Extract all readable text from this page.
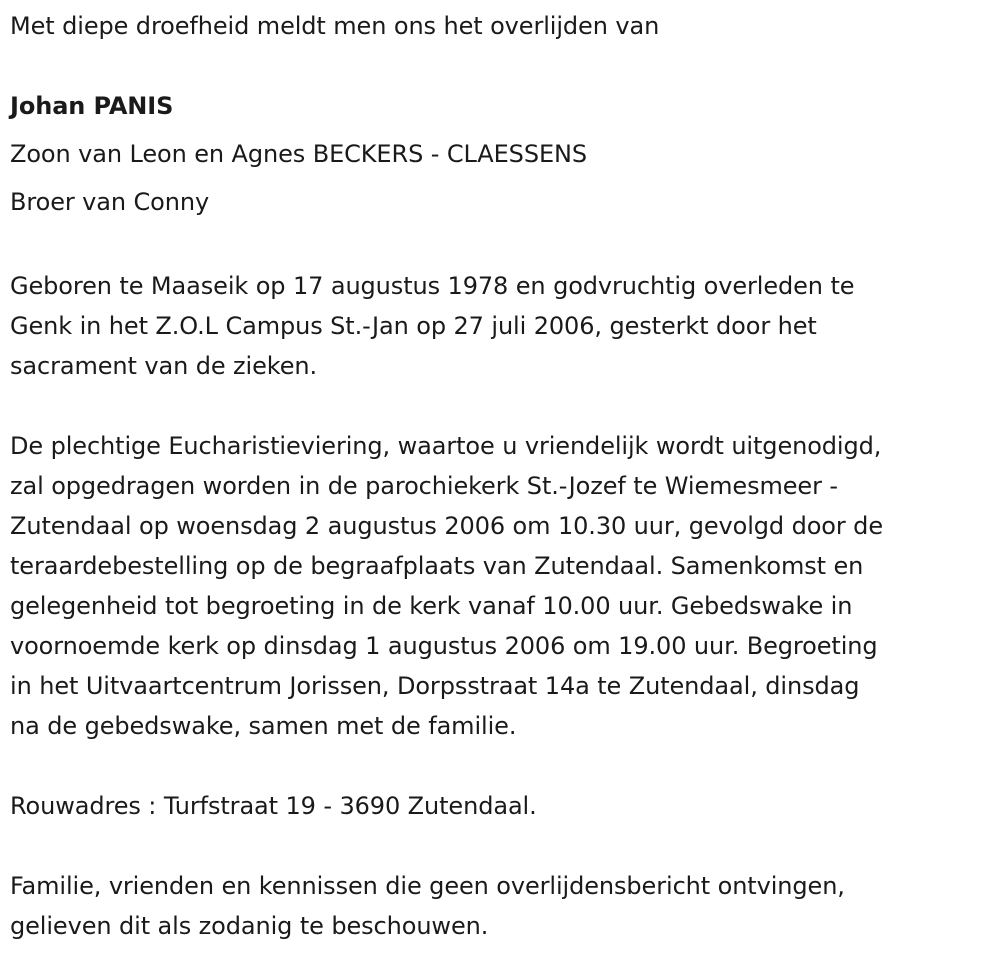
Met diepe droefheid meldt men ons het overlijden van

Johan PANIS

Zoon van Leon en Agnes BECKERS - CLAESSENS

Broer van Conny

Geboren te Maaseik op 17 augustus 1978 en godvruchtig overleden te
Genk in het Z.O.L Campus St.-Jan op 27 juli 2006, gesterkt door het
sacrament van de zieken.

De plechtige Eucharistieviering, waartoe u vriendelijk wordt uitgenodigd,
zal opgedragen worden in de parochiekerk St.-Jozef te Wiemesmeer -
Zutendaal op woensdag 2 augustus 2006 om 10.30 uur, gevolgd door de
teraardebestelling op de begraafplaats van Zutendaal. Samenkomst en
gelegenheid tot begroeting in de kerk vanaf 10.00 uur. Gebedswake in
voornoemde kerk op dinsdag 1 augustus 2006 om 19.00 uur. Begroeting
in het Uitvaartcentrum Jorissen, Dorpsstraat 14a te Zutendaal, dinsdag
na de gebedswake, samen met de familie.

Rouwadres : Turfstraat 19 - 3690 Zutendaal.

Familie, vrienden en kennissen die geen overlijdensbericht ontvingen,
gelieven dit als zodanig te beschouwen.
